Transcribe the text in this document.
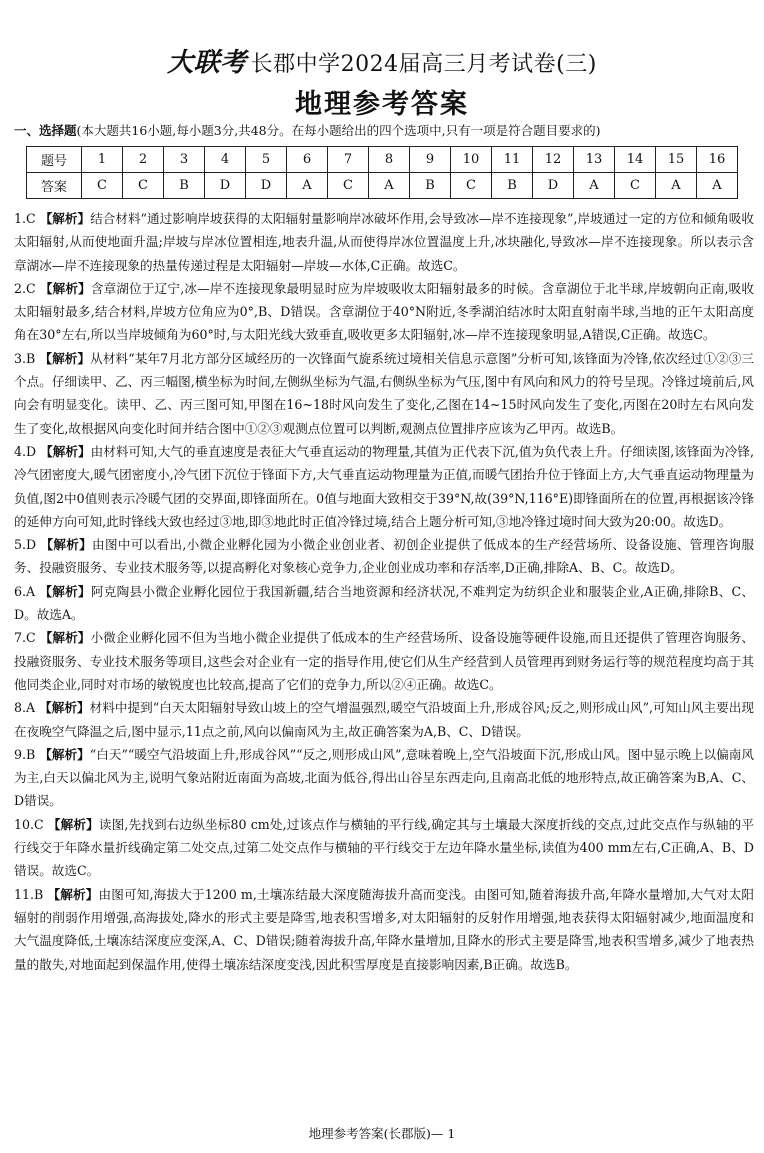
大联考 长郡中学2024届高三月考试卷(三)
地理参考答案
一、选择题(本大题共16小题,每小题3分,共48分。在每小题给出的四个选项中,只有一项是符合题目要求的)
题号	1	2	3	4	5	6	7	8	9	10	11	12	13	14	15	16
答案	C	C	B	D	D	A	C	A	B	C	B	D	A	C	A	A
1.C 【解析】结合材料“通过影响岸坡获得的太阳辐射量影响岸冰破坏作用,会导致冰—岸不连接现象”,岸坡通过一定的方位和倾角吸收太阳辐射,从而使地面升温;岸坡与岸冰位置相连,地表升温,从而使得岸冰位置温度上升,冰块融化,导致冰—岸不连接现象。所以表示含章湖冰—岸不连接现象的热量传递过程是太阳辐射—岸坡—水体,C正确。故选C。
2.C 【解析】含章湖位于辽宁,冰—岸不连接现象最明显时应为岸坡吸收太阳辐射最多的时候。含章湖位于北半球,岸坡朝向正南,吸收太阳辐射最多,结合材料,岸坡方位角应为0°,B、D错误。含章湖位于40°N附近,冬季湖泊结冰时太阳直射南半球,当地的正午太阳高度角在30°左右,所以当岸坡倾角为60°时,与太阳光线大致垂直,吸收更多太阳辐射,冰—岸不连接现象明显,A错误,C正确。故选C。
3.B 【解析】从材料“某年7月北方部分区域经历的一次锋面气旋系统过境相关信息示意图”分析可知,该锋面为冷锋,依次经过①②③三个点。仔细读甲、乙、丙三幅图,横坐标为时间,左侧纵坐标为气温,右侧纵坐标为气压,图中有风向和风力的符号呈现。冷锋过境前后,风向会有明显变化。读甲、乙、丙三图可知,甲图在16~18时风向发生了变化,乙图在14~15时风向发生了变化,丙图在20时左右风向发生了变化,故根据风向变化时间并结合图中①②③观测点位置可以判断,观测点位置排序应该为乙甲丙。故选B。
4.D 【解析】由材料可知,大气的垂直速度是表征大气垂直运动的物理量,其值为正代表下沉,值为负代表上升。仔细读图,该锋面为冷锋,冷气团密度大,暖气团密度小,冷气团下沉位于锋面下方,大气垂直运动物理量为正值,而暖气团抬升位于锋面上方,大气垂直运动物理量为负值,图2中0值则表示冷暖气团的交界面,即锋面所在。0值与地面大致相交于39°N,故(39°N,116°E)即锋面所在的位置,再根据该冷锋的延伸方向可知,此时锋线大致也经过③地,即③地此时正值冷锋过境,结合上题分析可知,③地冷锋过境时间大致为20:00。故选D。
5.D 【解析】由图中可以看出,小微企业孵化园为小微企业创业者、初创企业提供了低成本的生产经营场所、设备设施、管理咨询服务、投融资服务、专业技术服务等,以提高孵化对象核心竞争力,企业创业成功率和存活率,D正确,排除A、B、C。故选D。
6.A 【解析】阿克陶县小微企业孵化园位于我国新疆,结合当地资源和经济状况,不难判定为纺织企业和服装企业,A正确,排除B、C、D。故选A。
7.C 【解析】小微企业孵化园不但为当地小微企业提供了低成本的生产经营场所、设备设施等硬件设施,而且还提供了管理咨询服务、投融资服务、专业技术服务等项目,这些会对企业有一定的指导作用,使它们从生产经营到人员管理再到财务运行等的规范程度均高于其他同类企业,同时对市场的敏锐度也比较高,提高了它们的竞争力,所以②④正确。故选C。
8.A 【解析】材料中提到“白天太阳辐射导致山坡上的空气增温强烈,暖空气沿坡面上升,形成谷风;反之,则形成山风”,可知山风主要出现在夜晚空气降温之后,图中显示,11点之前,风向以偏南风为主,故正确答案为A,B、C、D错误。
9.B 【解析】“白天”“暖空气沿坡面上升,形成谷风”“反之,则形成山风”,意味着晚上,空气沿坡面下沉,形成山风。图中显示晚上以偏南风为主,白天以偏北风为主,说明气象站附近南面为高坡,北面为低谷,得出山谷呈东西走向,且南高北低的地形特点,故正确答案为B,A、C、D错误。
10.C 【解析】读图,先找到右边纵坐标80 cm处,过该点作与横轴的平行线,确定其与土壤最大深度折线的交点,过此交点作与纵轴的平行线交于年降水量折线确定第二处交点,过第二处交点作与横轴的平行线交于左边年降水量坐标,读值为400 mm左右,C正确,A、B、D错误。故选C。
11.B 【解析】由图可知,海拔大于1200 m,土壤冻结最大深度随海拔升高而变浅。由图可知,随着海拔升高,年降水量增加,大气对太阳辐射的削弱作用增强,高海拔处,降水的形式主要是降雪,地表积雪增多,对太阳辐射的反射作用增强,地表获得太阳辐射减少,地面温度和大气温度降低,土壤冻结深度应变深,A、C、D错误;随着海拔升高,年降水量增加,且降水的形式主要是降雪,地表积雪增多,减少了地表热量的散失,对地面起到保温作用,使得土壤冻结深度变浅,因此积雪厚度是直接影响因素,B正确。故选B。
地理参考答案(长郡版)— 1
